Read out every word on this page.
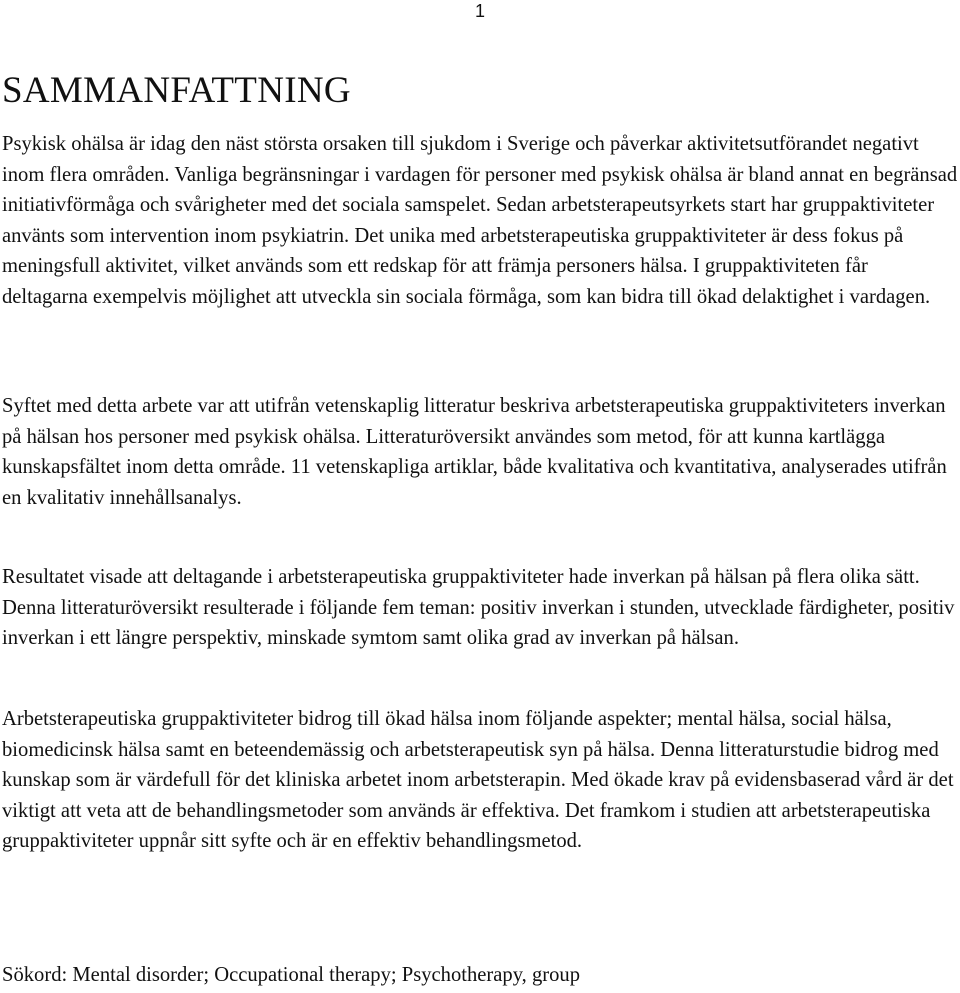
1
SAMMANFATTNING

Psykisk ohälsa är idag den näst största orsaken till sjukdom i Sverige och påverkar aktivitetsutförandet negativt inom flera områden. Vanliga begränsningar i vardagen för personer med psykisk ohälsa är bland annat en begränsad initiativförmåga och svårigheter med det sociala samspelet. Sedan arbetsterapeutsyrkets start har gruppaktiviteter använts som intervention inom psykiatrin. Det unika med arbetsterapeutiska gruppaktiviteter är dess fokus på meningsfull aktivitet, vilket används som ett redskap för att främja personers hälsa. I gruppaktiviteten får deltagarna exempelvis möjlighet att utveckla sin sociala förmåga, som kan bidra till ökad delaktighet i vardagen.

Syftet med detta arbete var att utifrån vetenskaplig litteratur beskriva arbetsterapeutiska gruppaktiviteters inverkan på hälsan hos personer med psykisk ohälsa. Litteraturöversikt användes som metod, för att kunna kartlägga kunskapsfältet inom detta område. 11 vetenskapliga artiklar, både kvalitativa och kvantitativa, analyserades utifrån en kvalitativ innehållsanalys.

Resultatet visade att deltagande i arbetsterapeutiska gruppaktiviteter hade inverkan på hälsan på flera olika sätt. Denna litteraturöversikt resulterade i följande fem teman: positiv inverkan i stunden, utvecklade färdigheter, positiv inverkan i ett längre perspektiv, minskade symtom samt olika grad av inverkan på hälsan.

Arbetsterapeutiska gruppaktiviteter bidrog till ökad hälsa inom följande aspekter; mental hälsa, social hälsa, biomedicinsk hälsa samt en beteendemässig och arbetsterapeutisk syn på hälsa. Denna litteraturstudie bidrog med kunskap som är värdefull för det kliniska arbetet inom arbetsterapin. Med ökade krav på evidensbaserad vård är det viktigt att veta att de behandlingsmetoder som används är effektiva. Det framkom i studien att arbetsterapeutiska gruppaktiviteter uppnår sitt syfte och är en effektiv behandlingsmetod.

Sökord: Mental disorder; Occupational therapy; Psychotherapy, group
